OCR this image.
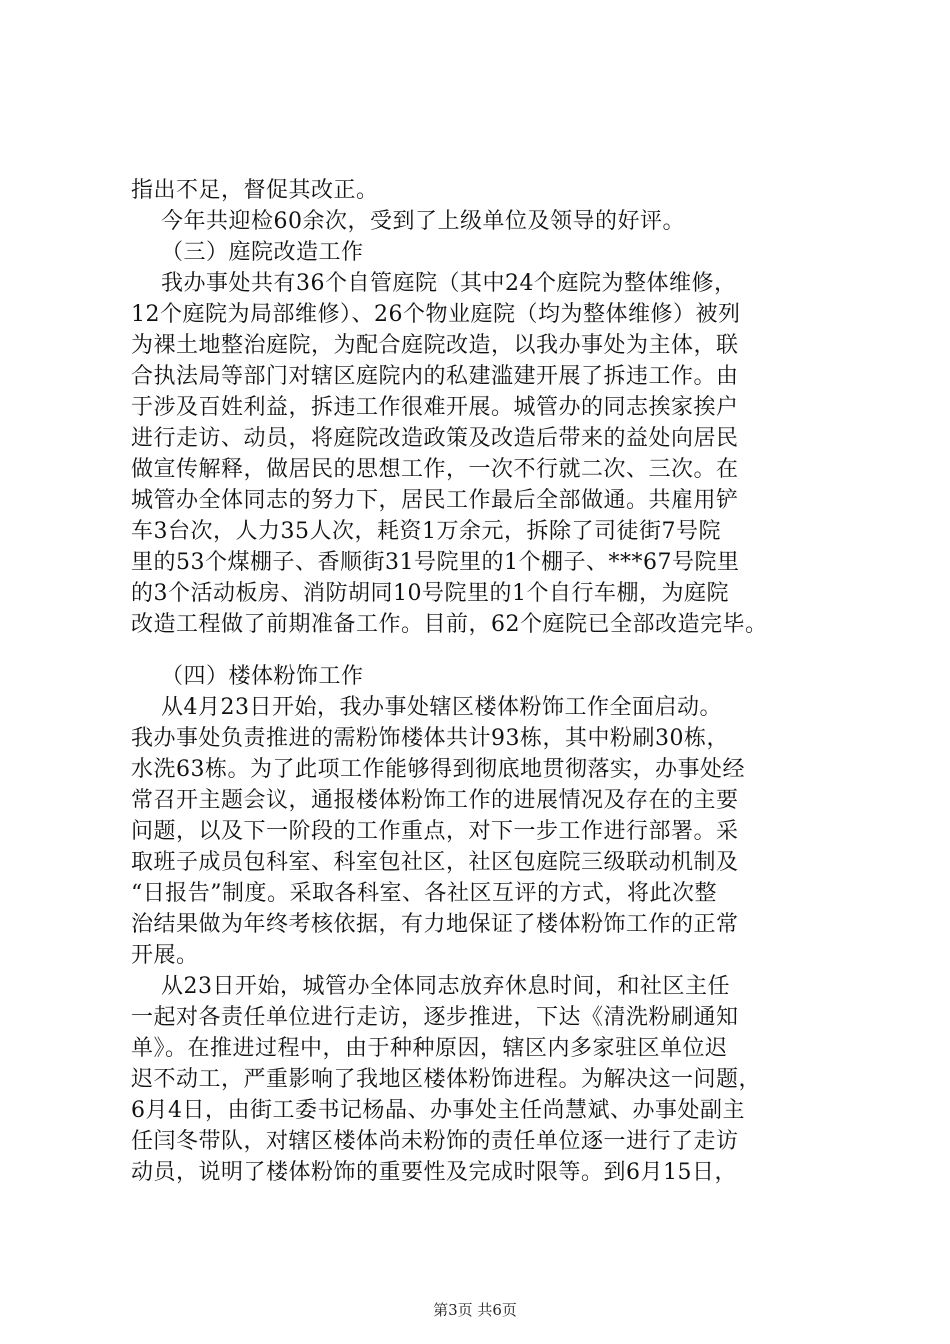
指出不足，督促其改正。
今年共迎检60余次，受到了上级单位及领导的好评。
（三）庭院改造工作
我办事处共有36个自管庭院（其中24个庭院为整体维修，
12个庭院为局部维修）、26个物业庭院（均为整体维修）被列
为裸土地整治庭院，为配合庭院改造，以我办事处为主体，联
合执法局等部门对辖区庭院内的私建滥建开展了拆违工作。由
于涉及百姓利益，拆违工作很难开展。城管办的同志挨家挨户
进行走访、动员，将庭院改造政策及改造后带来的益处向居民
做宣传解释，做居民的思想工作，一次不行就二次、三次。在
城管办全体同志的努力下，居民工作最后全部做通。共雇用铲
车3台次，人力35人次，耗资1万余元，拆除了司徒街7号院
里的53个煤棚子、香顺街31号院里的1个棚子、***67号院里
的3个活动板房、消防胡同10号院里的1个自行车棚，为庭院
改造工程做了前期准备工作。目前，62个庭院已全部改造完毕。
（四）楼体粉饰工作
从4月23日开始，我办事处辖区楼体粉饰工作全面启动。
我办事处负责推进的需粉饰楼体共计93栋，其中粉刷30栋，
水洗63栋。为了此项工作能够得到彻底地贯彻落实，办事处经
常召开主题会议，通报楼体粉饰工作的进展情况及存在的主要
问题，以及下一阶段的工作重点，对下一步工作进行部署。采
取班子成员包科室、科室包社区，社区包庭院三级联动机制及
“日报告”制度。采取各科室、各社区互评的方式，将此次整
治结果做为年终考核依据，有力地保证了楼体粉饰工作的正常
开展。
从23日开始，城管办全体同志放弃休息时间，和社区主任
一起对各责任单位进行走访，逐步推进，下达《清洗粉刷通知
单》。在推进过程中，由于种种原因，辖区内多家驻区单位迟
迟不动工，严重影响了我地区楼体粉饰进程。为解决这一问题，
6月4日，由街工委书记杨晶、办事处主任尚慧斌、办事处副主
任闫冬带队，对辖区楼体尚未粉饰的责任单位逐一进行了走访
动员，说明了楼体粉饰的重要性及完成时限等。到6月15日，
第3页 共6页
